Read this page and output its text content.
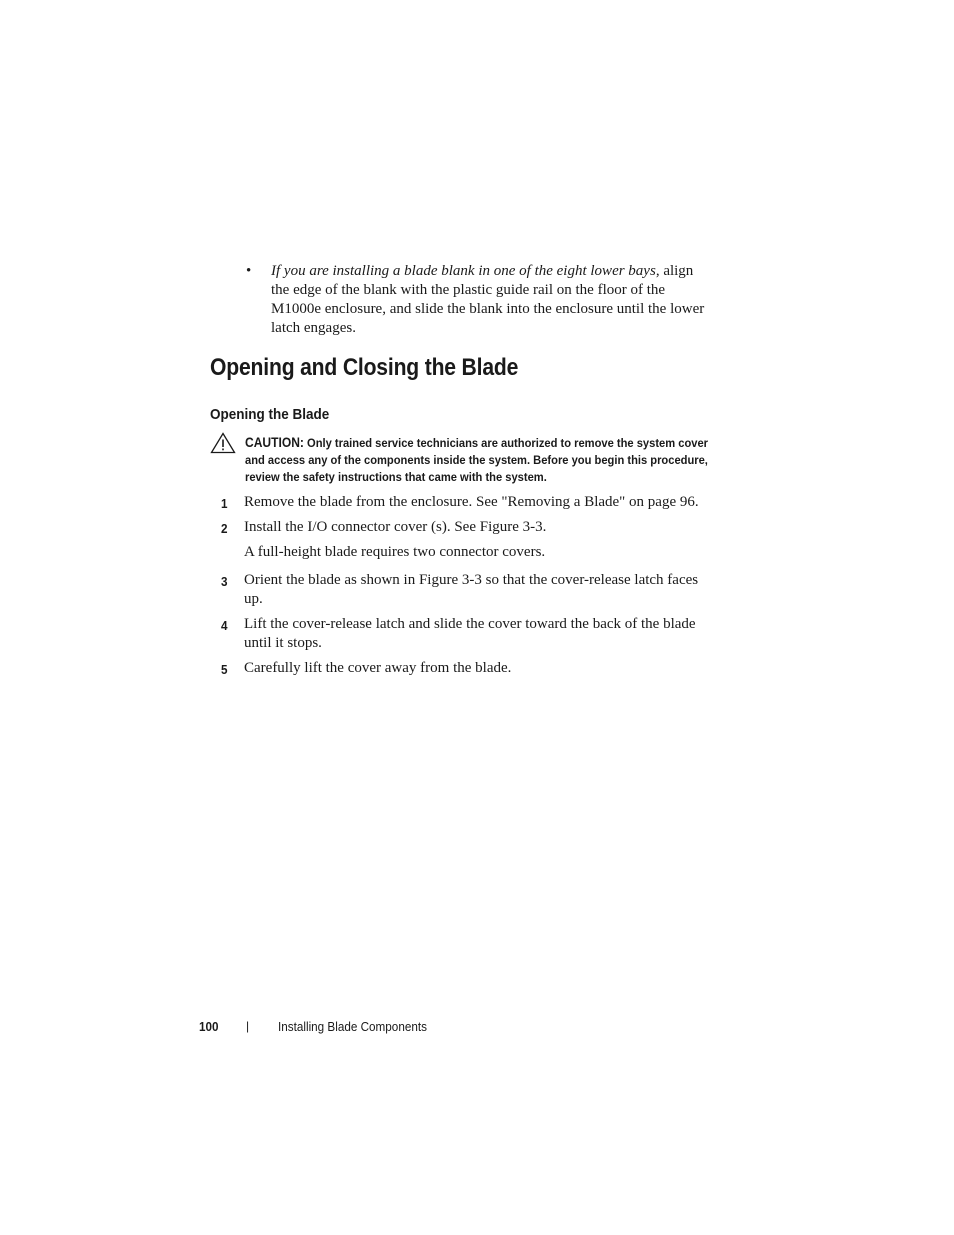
• If you are installing a blade blank in one of the eight lower bays, align the edge of the blank with the plastic guide rail on the floor of the M1000e enclosure, and slide the blank into the enclosure until the lower latch engages.
Opening and Closing the Blade
Opening the Blade
CAUTION: Only trained service technicians are authorized to remove the system cover and access any of the components inside the system. Before you begin this procedure, review the safety instructions that came with the system.
1 Remove the blade from the enclosure. See "Removing a Blade" on page 96.
2 Install the I/O connector cover (s). See Figure 3-3.
A full-height blade requires two connector covers.
3 Orient the blade as shown in Figure 3-3 so that the cover-release latch faces up.
4 Lift the cover-release latch and slide the cover toward the back of the blade until it stops.
5 Carefully lift the cover away from the blade.
100 | Installing Blade Components
